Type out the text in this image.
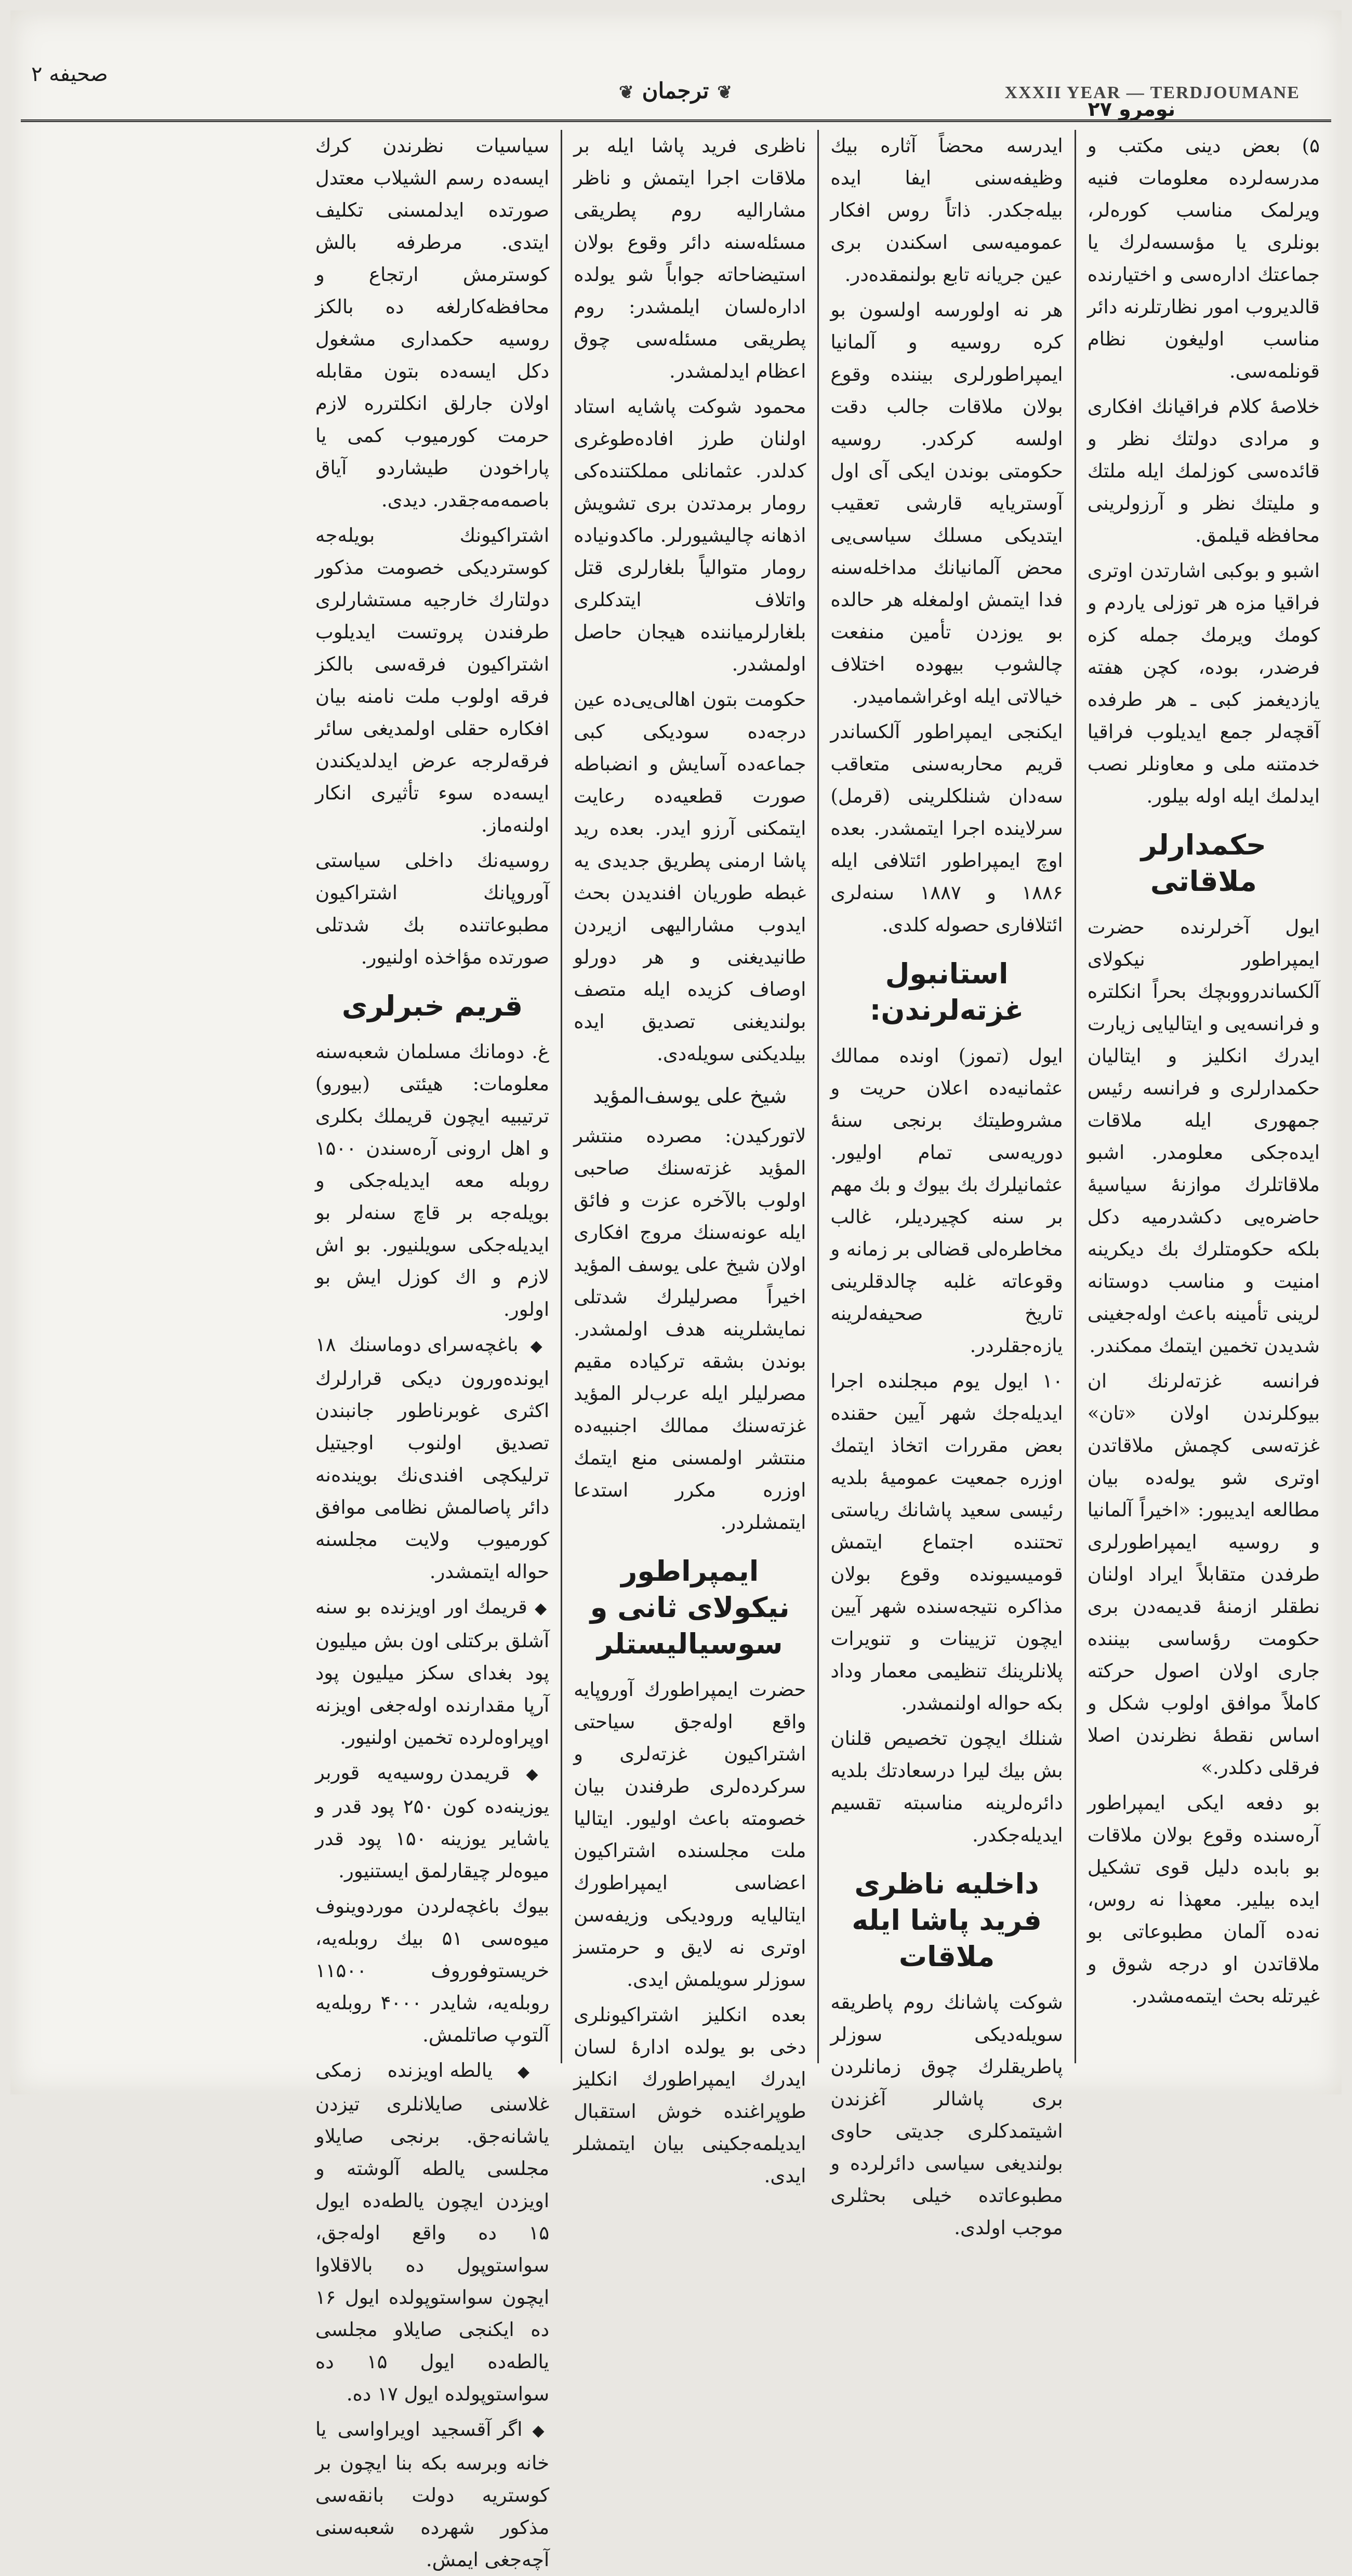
صحیفه ۲
❦ ترجمان ❦
نومرو ۲۷
XXXII YEAR — TERDJOUMANE

۵) بعض دینی مکتب و مدرسه‌لرده معلومات فنیه ویرلمک مناسب کوره‌لر، بونلری یا مؤسسه‌لرك یا جماعتك ادارەسی و اختیارنده قالدیروب امور نظارتلرنه دائر مناسب اولیغون نظام قونلمه‌سی.

خلاصهٔ کلام فراقیانك افکاری و مرادی دولتك نظر و قائده‌سی کوزلمك ایله ملتك و ملیتك نظر و آرزولرینی محافظه قیلمق.

اشبو و بوکبی اشارتدن اوتری فراقیا مزه هر توزلی یاردم و کومك ویرمك جمله کزه فرضدر، بوده، کچن هفته یازدیغمز کبی ـ هر طرفده آقچه‌لر جمع ایدیلوب فراقیا خدمتنه ملی و معاونلر نصب ایدلمك ایله اوله بیلور.

حکمدارلر ملاقاتی

ایول آخرلرنده حضرت ایمپراطور نیکولای آلکساندرووبچك بحراً انکلتره و فرانسه‌یی و ایتالیایی زیارت ایدرك انکلیز و ایتالیان حکمدارلری و فرانسه رئیس جمهوری ایله ملاقات ایده‌جکی معلومدر. اشبو ملاقاتلرك موازنهٔ سیاسیهٔ حاضره‌یی دکشدرمیه دکل بلکه حکومتلرك بك دیکرینه امنیت و مناسب دوستانه لرینی تأمینه باعث اوله‌جغینی شدیدن تخمین ایتمك ممکندر.

فرانسه غزته‌لرنك ان بیوکلرندن اولان «تان» غزته‌سی کچمش ملاقاتدن اوتری شو یوله‌ده بیان مطالعه ایدیبور: «اخیراً آلمانیا و روسیه ایمپراطورلری طرفدن متقابلاً ایراد اولنان نطقلر ازمنهٔ قدیمه‌دن بری حکومت رؤساسی بیننده جاری اولان اصول حرکته کاملاً موافق اولوب شکل و اساس نقطهٔ نظرندن اصلا فرقلی دکلدر.»

بو دفعه ایکی ایمپراطور آرەسنده وقوع بولان ملاقات بو بابده دلیل قوی تشکیل ایده بیلیر. معهذا نه روس، نه‌ده آلمان مطبوعاتی بو ملاقاتدن او درجه شوق و غیرتله بحث ایتمه‌مشدر.

ایدرسه محضاً آثاره بیك وظیفه‌سنی ایفا ایده بیله‌جکدر. ذاتاً روس افکار عمومیه‌سی اسکندن بری عین جریانه تابع بولنمقده‌در.

هر نه اولورسه اولسون بو کره روسیه و آلمانیا ایمپراطورلری بیننده وقوع بولان ملاقات جالب دقت اولسه کرکدر. روسیه حکومتی بوندن ایکی آی اول آوستریایه قارشی تعقیب ایتدیکی مسلك سیاسی‌یی محض آلمانیانك مداخله‌سنه فدا ایتمش اولمغله هر حالده بو یوزدن تأمین منفعت چالشوب بیهوده اختلاف خیالاتی ایله اوغراشمامیدر.

ایکنجی ایمپراطور آلکساندر قریم محاربه‌سنی متعاقب سه‌دان شنلکلرینی (قرمل) سرلاینده اجرا ایتمشدر. بعده اوچ ایمپراطور ائتلافی ایله ۱۸۸۶ و ۱۸۸۷ سنه‌لری ائتلافاری حصوله کلدی.

استانبول غزته‌لرندن:

ایول (تموز) اونده ممالك عثمانیه‌ده اعلان حریت و مشروطیتك برنجی سنهٔ دوریه‌سی تمام اولیور. عثمانیلرك بك بیوك و بك مهم بر سنه کچیردیلر، غالب مخاطره‌لی قضالی بر زمانه و وقوعاته غلبه چالدقلرینی تاریخ صحیفه‌لرینه یازه‌جقلردر.

۱۰ ایول یوم مبجلنده اجرا ایدیله‌جك شهر آیین حقنده بعض مقررات اتخاذ ایتمك اوزره جمعیت عمومیهٔ بلدیه رئیسی سعید پاشانك ریاستی تحتنده اجتماع ایتمش قومیسیونده وقوع بولان مذاکره نتیجه‌سنده شهر آیین ایچون تزیینات و تنویرات پلانلرینك تنظیمی معمار وداد بکه حواله اولنمشدر.

شنلك ایچون تخصیص قلنان بش بیك لیرا درسعادتك بلدیه دائره‌لرینه مناسبته تقسیم ایدیله‌جکدر.

داخلیه ناظری فرید پاشا ایله ملاقات

شوکت پاشانك روم پاطریقه سویله‌دیکی سوزلر پاطریقلرك چوق زمانلردن بری پاشالر آغزندن اشیتمدکلری جدیتی حاوی بولندیغی سیاسی دائرلرده و مطبوعاتده خیلی بحثلری موجب اولدی.

ناظری فرید پاشا ایله بر ملاقات اجرا ایتمش و ناظر مشارالیه روم پطریقی مسئله‌سنه دائر وقوع بولان استیضاحاته جواباً شو یولده اداره‌لسان ایلمشدر: روم پطریقی مسئله‌سی چوق اعظام ایدلمشدر.

محمود شوکت پاشایه استاد اولنان طرز افاده‌طوغری کدلدر. عثمانلی مملکتنده‌کی رومار برمدتدن بری تشویش اذهانه چالیشیورلر. ماکدونیاده رومار متوالیاً بلغارلری قتل واتلاف ایتدکلری بلغارلرمیاننده هیجان حاصل اولمشدر.

حکومت بتون اهالی‌یی‌ده عین درجه‌ده سودیکی کبی جماعه‌ده آسایش و انضباطه صورت قطعیه‌ده رعایت ایتمکنی آرزو ایدر. بعده رید پاشا ارمنی پطریق جدیدی یه غبطه طوریان افندیدن بحث ایدوب مشارالیهی ازیردن طانیدیغنی و هر دورلو اوصاف کزیده ایله متصف بولندیغنی تصدیق ایده بیلدیکنی سویله‌دی.

شیخ علی یوسف‌المؤید

لاتورکیدن: مصرده منتشر المؤید غزته‌سنك صاحبی اولوب بالآخره عزت و فائق ایله عونه‌سنك مروج افکاری اولان شیخ علی یوسف المؤید اخیراً مصرلیلرك شدتلی نمایشلرینه هدف اولمشدر. بوندن بشقه ترکیاده مقیم مصرلیلر ایله عرب‌لر المؤید غزته‌سنك ممالك اجنبیه‌ده منتشر اولمسنی منع ایتمك اوزره مکرر استدعا ایتمشلردر.

ایمپراطور نیکولای ثانی و سوسیالیستلر

حضرت ایمپراطورك آوروپایه واقع اوله‌جق سیاحتی اشتراکیون غزته‌لری و سرکرده‌لری طرفندن بیان خصومته باعث اولیور. ایتالیا ملت مجلسنده اشتراکیون اعضاسی ایمپراطورك ایتالیایه ورودیکی وزیفه‌سن اوتری نه لایق و حرمتسز سوزلر سویلمش ایدی.

بعده انکلیز اشتراکیونلری دخی بو یولده اداره‌ٔ لسان ایدرك ایمپراطورك انکلیز طوپراغنده خوش استقبال ایدیلمه‌جکینی بیان ایتمشلر ایدی.

سیاسیات نظرندن کرك ایسه‌ده رسم الشیلاب معتدل صورتده ایدلمسنی تکلیف ایتدی. مرطرفه بالش کوسترمش ارتجاع و محافظه‌کارلغه ده بالکز روسیه حکمداری مشغول دکل ایسه‌ده بتون مقابله اولان جارلق انکلترره لازم حرمت کورمیوب کمی یا پاراخودن طیشاردو آیاق باصمه‌مه‌جقدر. دیدی.

اشتراکیونك بویله‌جه کوستردیکی خصومت مذکور دولتارك خارجیه مستشارلری طرفندن پروتست ایدیلوب اشتراکیون فرقه‌سی بالکز فرقه اولوب ملت نامنه بیان افکاره حقلی اولمدیغی سائر فرقه‌لرجه عرض ایدلدیکندن ایسه‌ده سوء تأثیری انکار اولنه‌ماز.

روسیه‌نك داخلی سیاستی آوروپانك اشتراکیون مطبوعاتنده بك شدتلی صورتده مؤاخذه اولنیور.

قریم خبرلری

غ. دومانك مسلمان شعبه‌سنه معلومات: هیئتی (بیورو) ترتیبیه ایچون قریملك بکلری و اهل ارونی آرەسندن ۱۵۰۰ روبله معه ایدیله‌جکی و بویله‌جه بر قاچ سنه‌لر بو ایدیله‌جکی سویلنیور. بو اش لازم و اك کوزل ایش بو اولور.

◆ باغچه‌سرای دوماسنك ۱۸ ایونده‌ورون دیکی قرارلرك اکثری غوبرناطور جانبندن تصدیق اولنوب اوجیتیل ترلیکچی افندی‌نك بوینده‌نه دائر پاصالمش نظامی موافق کورمیوب ولایت مجلسنه حواله ایتمشدر.

◆ قریمك اور اویزنده بو سنه آشلق برکتلی اون بش میلیون پود بغدای سکز میلیون پود آرپا مقدارنده اوله‌جغی اویزنه اوپراوه‌لرده تخمین اولنیور.

◆ قریمدن روسیه‌یه قوربر یوزینه‌ده کون ۲۵۰ پود قدر و یاشایر یوزینه ۱۵۰ پود قدر میوه‌لر چیقارلمق ایستنیور.

بیوك باغچه‌لردن موردوینوف میوه‌سی ۵۱ بیك روبله‌یه، خریستوفوروف ۱۱۵۰۰ روبله‌یه، شایدر ۴۰۰۰ روبله‌یه آلتوپ صاتلمش.

◆ یالطه اویزنده زمکی غلاسنی صایلانلری تیزدن یاشانه‌جق. برنجی صایلاو مجلسی یالطه آلوشته و اویزدن ایچون یالطه‌ده ایول ۱۵ ده واقع اوله‌جق، سواستوپول ده بالاقلاوا ایچون سواستوپولده ایول ۱۶ ده ایکنجی صایلاو مجلسی یالطه‌ده ایول ۱۵ ده سواستوپولده ایول ۱۷ ده.

◆ اگر آقسجید اویراواسی یا خانه وبرسه‌ بکه بنا ایچون بر کوستریه دولت بانقه‌سی مذکور شهرده شعبه‌سنی آچه‌جغی ایمش.
